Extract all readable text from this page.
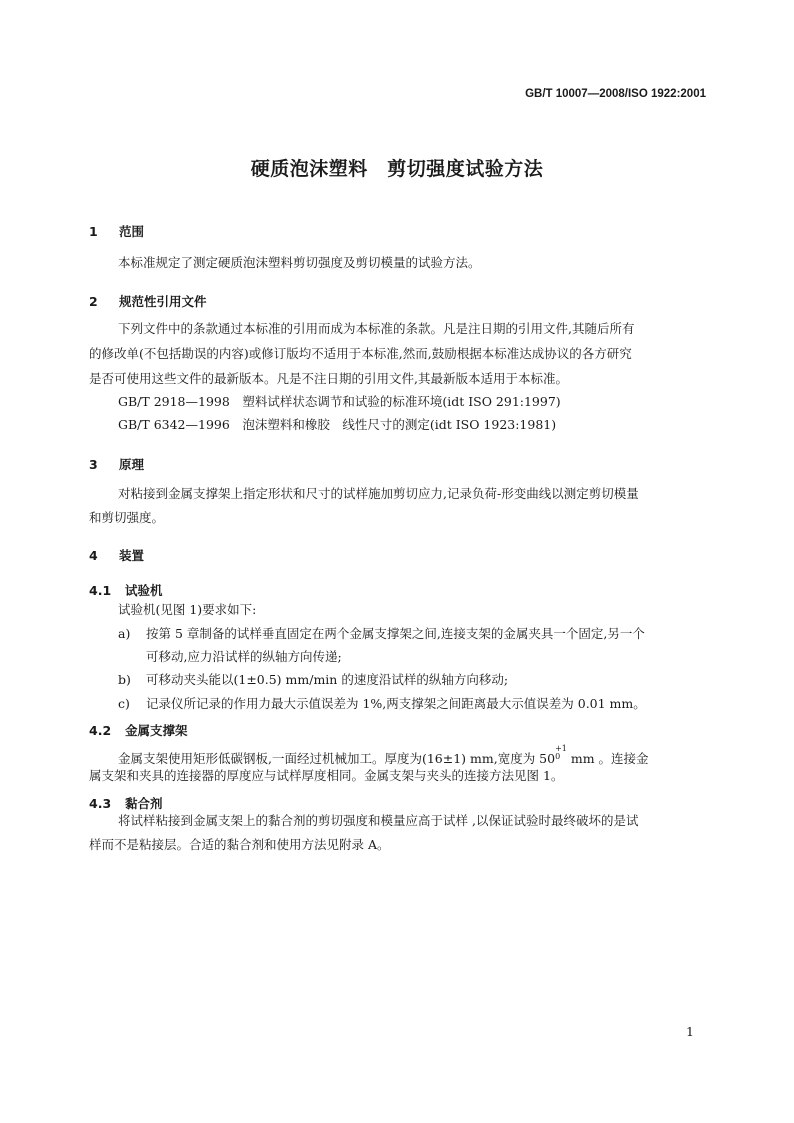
GB/T 10007—2008/ISO 1922:2001
硬质泡沫塑料　剪切强度试验方法
1 范围
本标准规定了测定硬质泡沫塑料剪切强度及剪切模量的试验方法。
2 规范性引用文件
下列文件中的条款通过本标准的引用而成为本标准的条款。凡是注日期的引用文件,其随后所有
的修改单(不包括勘误的内容)或修订版均不适用于本标准,然而,鼓励根据本标准达成协议的各方研究
是否可使用这些文件的最新版本。凡是不注日期的引用文件,其最新版本适用于本标准。
GB/T 2918—1998　塑料试样状态调节和试验的标准环境(idt ISO 291:1997)
GB/T 6342—1996　泡沫塑料和橡胶　线性尺寸的测定(idt ISO 1923:1981)
3 原理
对粘接到金属支撑架上指定形状和尺寸的试样施加剪切应力,记录负荷-形变曲线以测定剪切模量
和剪切强度。
4 装置
4.1 试验机
试验机(见图 1)要求如下:
a) 按第 5 章制备的试样垂直固定在两个金属支撑架之间,连接支架的金属夹具一个固定,另一个
可移动,应力沿试样的纵轴方向传递;
b) 可移动夹头能以(1±0.5) mm/min 的速度沿试样的纵轴方向移动;
c) 记录仪所记录的作用力最大示值误差为 1%,两支撑架之间距离最大示值误差为 0.01 mm。
4.2 金属支撑架
金属支架使用矩形低碳钢板,一面经过机械加工。厚度为(16±1) mm,宽度为 50
$^{+1 0}$ mm 。连接金
属支架和夹具的连接器的厚度应与试样厚度相同。金属支架与夹头的连接方法见图 1。
4.3 黏合剂
将试样粘接到金属支架上的黏合剂的剪切强度和模量应高于试样 ,以保证试验时最终破坏的是试
样而不是粘接层。合适的黏合剂和使用方法见附录 A。
1
